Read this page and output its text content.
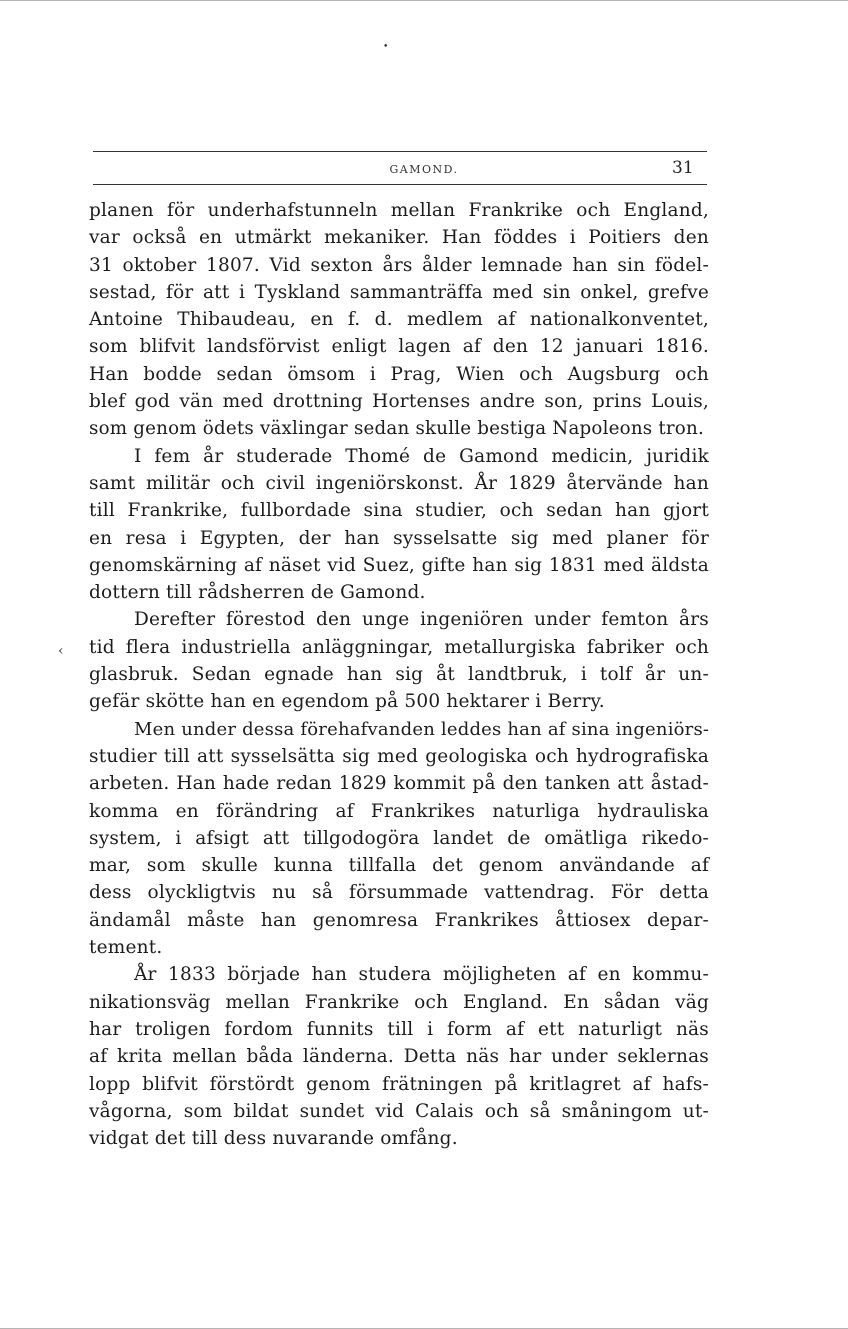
•
GAMOND.	31
‹
planen för underhafstunneln mellan Frankrike och England,
var också en utmärkt mekaniker. Han föddes i Poitiers den
31 oktober 1807. Vid sexton års ålder lemnade han sin födel-
sestad, för att i Tyskland sammanträffa med sin onkel, grefve
Antoine Thibaudeau, en f. d. medlem af nationalkonventet,
som blifvit landsförvist enligt lagen af den 12 januari 1816.
Han bodde sedan ömsom i Prag, Wien och Augsburg och
blef god vän med drottning Hortenses andre son, prins Louis,
som genom ödets växlingar sedan skulle bestiga Napoleons tron.
I fem år studerade Thomé de Gamond medicin, juridik
samt militär och civil ingeniörskonst. År 1829 återvände han
till Frankrike, fullbordade sina studier, och sedan han gjort
en resa i Egypten, der han sysselsatte sig med planer för
genomskärning af näset vid Suez, gifte han sig 1831 med äldsta
dottern till rådsherren de Gamond.
Derefter förestod den unge ingeniören under femton års
tid flera industriella anläggningar, metallurgiska fabriker och
glasbruk. Sedan egnade han sig åt landtbruk, i tolf år un-
gefär skötte han en egendom på 500 hektarer i Berry.
Men under dessa förehafvanden leddes han af sina ingeniörs-
studier till att sysselsätta sig med geologiska och hydrografiska
arbeten. Han hade redan 1829 kommit på den tanken att åstad-
komma en förändring af Frankrikes naturliga hydrauliska
system, i afsigt att tillgodogöra landet de omätliga rikedo-
mar, som skulle kunna tillfalla det genom användande af
dess olyckligtvis nu så försummade vattendrag. För detta
ändamål måste han genomresa Frankrikes åttiosex depar-
tement.
År 1833 började han studera möjligheten af en kommu-
nikationsväg mellan Frankrike och England. En sådan väg
har troligen fordom funnits till i form af ett naturligt näs
af krita mellan båda länderna. Detta näs har under seklernas
lopp blifvit förstördt genom frätningen på kritlagret af hafs-
vågorna, som bildat sundet vid Calais och så småningom ut-
vidgat det till dess nuvarande omfång.
